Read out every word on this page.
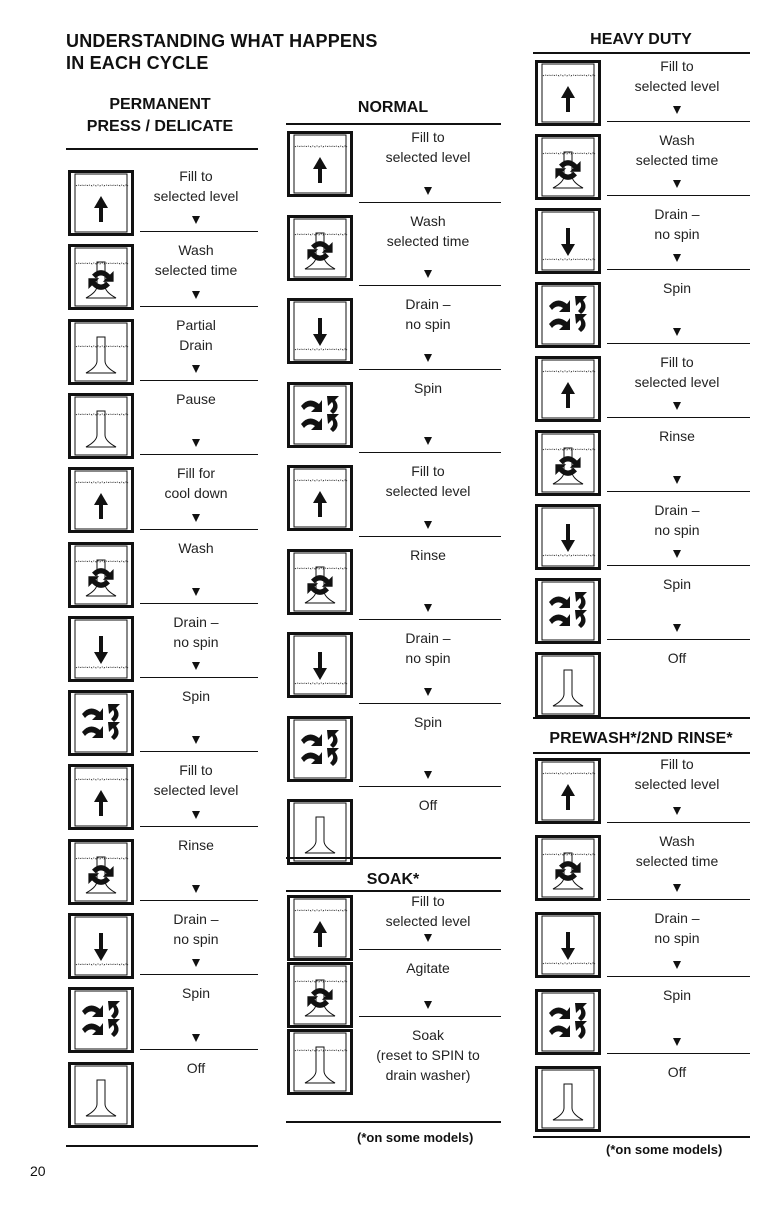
UNDERSTANDING WHAT HAPPENS
IN EACH CYCLE
PERMANENT
PRESS / DELICATE
Fill to
selected level
Wash
selected time
Partial
Drain
Pause
Fill for
cool down
Wash
Drain –
no spin
Spin
Fill to
selected level
Rinse
Drain –
no spin
Spin
Off
NORMAL
Fill to
selected level
Wash
selected time
Drain –
no spin
Spin
Fill to
selected level
Rinse
Drain –
no spin
Spin
Off
SOAK*
Fill to
selected level
Agitate
Soak
(reset to SPIN to
drain washer)
(*on some models)
HEAVY DUTY
Fill to
selected level
Wash
selected time
Drain –
no spin
Spin
Fill to
selected level
Rinse
Drain –
no spin
Spin
Off
PREWASH*/2ND RINSE*
Fill to
selected level
Wash
selected time
Drain –
no spin
Spin
Off
(*on some models)
20
